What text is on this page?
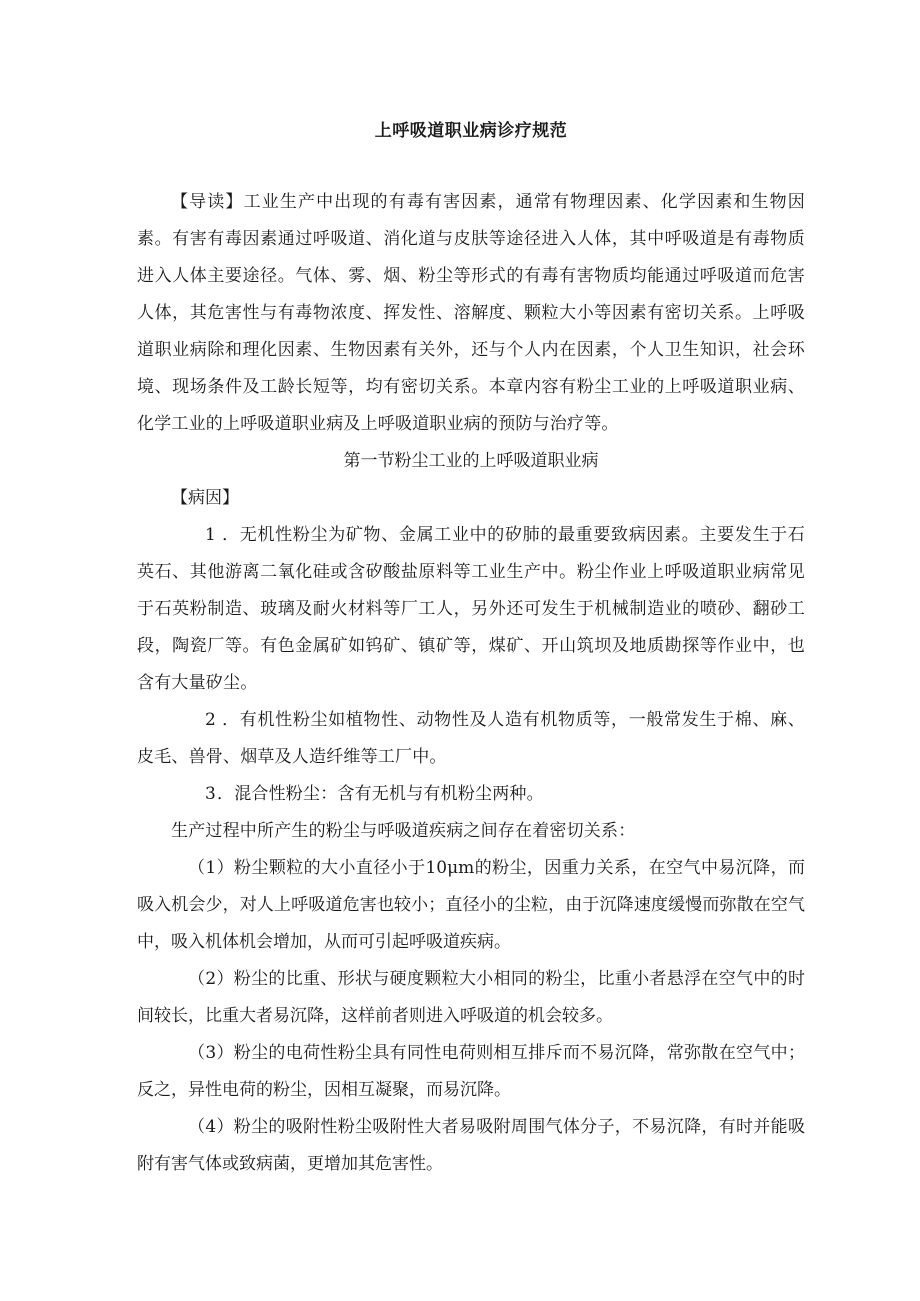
上呼吸道职业病诊疗规范

【导读】工业生产中出现的有毒有害因素，通常有物理因素、化学因素和生物因素。有害有毒因素通过呼吸道、消化道与皮肤等途径进入人体，其中呼吸道是有毒物质进入人体主要途径。气体、雾、烟、粉尘等形式的有毒有害物质均能通过呼吸道而危害人体，其危害性与有毒物浓度、挥发性、溶解度、颗粒大小等因素有密切关系。上呼吸道职业病除和理化因素、生物因素有关外，还与个人内在因素，个人卫生知识，社会环境、现场条件及工龄长短等，均有密切关系。本章内容有粉尘工业的上呼吸道职业病、化学工业的上呼吸道职业病及上呼吸道职业病的预防与治疗等。

第一节粉尘工业的上呼吸道职业病

【病因】

1 ．无机性粉尘为矿物、金属工业中的矽肺的最重要致病因素。主要发生于石英石、其他游离二氧化硅或含矽酸盐原料等工业生产中。粉尘作业上呼吸道职业病常见于石英粉制造、玻璃及耐火材料等厂工人，另外还可发生于机械制造业的喷砂、翻砂工段，陶瓷厂等。有色金属矿如钨矿、镇矿等，煤矿、开山筑坝及地质勘探等作业中，也含有大量矽尘。

2 ．有机性粉尘如植物性、动物性及人造有机物质等，一般常发生于棉、麻、皮毛、兽骨、烟草及人造纤维等工厂中。

3．混合性粉尘：含有无机与有机粉尘两种。

生产过程中所产生的粉尘与呼吸道疾病之间存在着密切关系：

（1）粉尘颗粒的大小直径小于10μm的粉尘，因重力关系，在空气中易沉降，而吸入机会少，对人上呼吸道危害也较小；直径小的尘粒，由于沉降速度缓慢而弥散在空气中，吸入机体机会增加，从而可引起呼吸道疾病。

（2）粉尘的比重、形状与硬度颗粒大小相同的粉尘，比重小者悬浮在空气中的时间较长，比重大者易沉降，这样前者则进入呼吸道的机会较多。

（3）粉尘的电荷性粉尘具有同性电荷则相互排斥而不易沉降，常弥散在空气中；反之，异性电荷的粉尘，因相互凝聚，而易沉降。

（4）粉尘的吸附性粉尘吸附性大者易吸附周围气体分子，不易沉降，有时并能吸附有害气体或致病菌，更增加其危害性。
